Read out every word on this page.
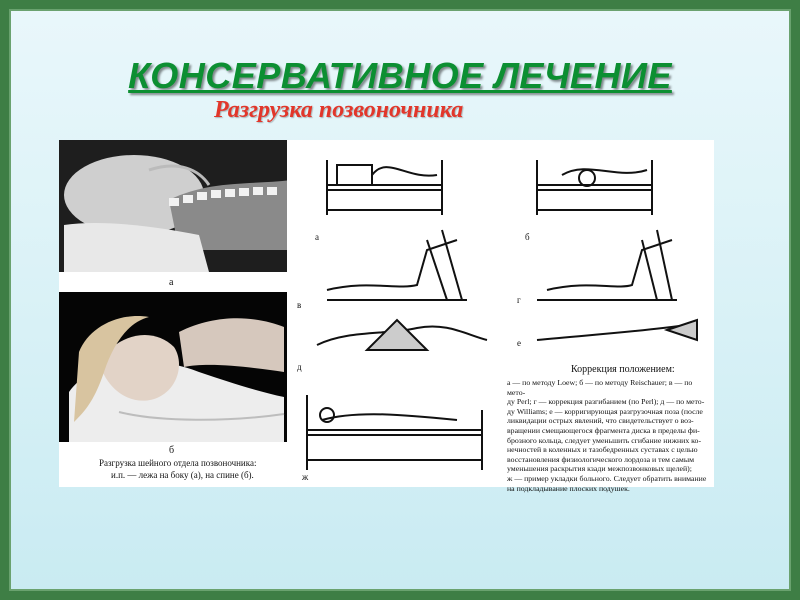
КОНСЕРВАТИВНОЕ ЛЕЧЕНИЕ
Разгрузка позвоночника
а
б
Разгрузка шейного отдела позвоночника:
и.п. — лежа на боку (а), на спине (б).
а	б
в	г
д
е
ж
Коррекция положением:
а — по методу Loew; б — по методу Reischauer; в — по мето-
ду Perl; г — коррекция разгибанием (по Perl); д — по мето-
ду Williams; е — корригирующая разгрузочная поза (после
ликвидации острых явлений, что свидетельствует о воз-
вращении смещающегося фрагмента диска в пределы фи-
брозного кольца, следует уменьшить сгибание нижних ко-
нечностей в коленных и тазобедренных суставах с целью
восстановления физиологического лордоза и тем самым
уменьшения раскрытия кзади межпозвонковых щелей);
ж — пример укладки больного. Следует обратить внимание
на подкладывание плоских подушек.
